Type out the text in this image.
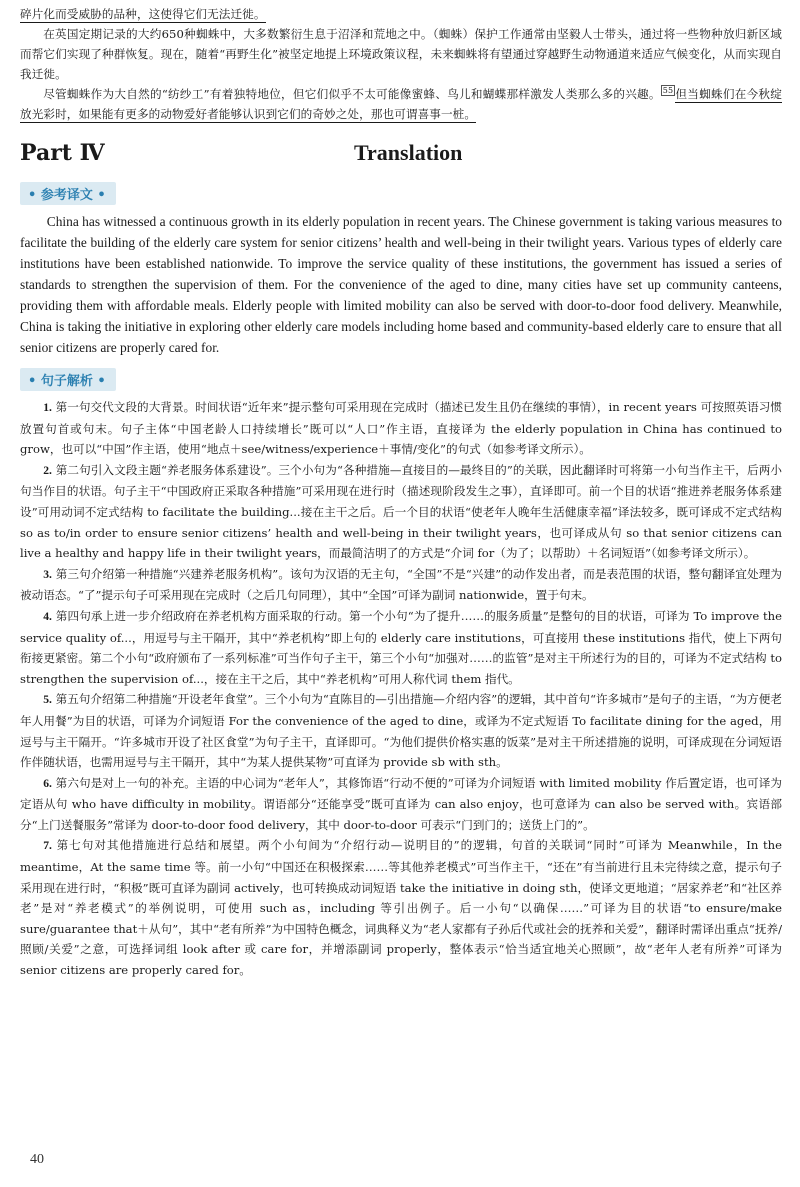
碎片化而受威胁的品种，这使得它们无法迁徙。

在英国定期记录的大约650种蜘蛛中，大多数繁衍生息于沼泽和荒地之中。（蜘蛛）保护工作通常由坚毅人士带头，通过将一些物种放归新区域而帮它们实现了种群恢复。现在，随着“再野生化”被坚定地提上环境政策议程，未来蜘蛛将有望通过穿越野生动物通道来适应气候变化，从而实现自我迁徙。

尽管蜘蛛作为大自然的“纺纱工”有着独特地位，但它们似乎不太可能像蜜蜂、鸟儿和蝴蝶那样激发人类那么多的兴趣。 $^{55}$ 但当蜘蛛们在今秋绽放光彩时，如果能有更多的动物爱好者能够认识到它们的奇妙之处，那也可谓喜事一桩。

Part Ⅳ	Translation
• 参考译文 •

China has witnessed a continuous growth in its elderly population in recent years. The Chinese government is taking various measures to facilitate the building of the elderly care system for senior citizens’ health and well-being in their twilight years. Various types of elderly care institutions have been established nationwide. To improve the service quality of these institutions, the government has issued a series of standards to strengthen the supervision of them. For the convenience of the aged to dine, many cities have set up community canteens, providing them with affordable meals. Elderly people with limited mobility can also be served with door-to-door food delivery. Meanwhile, China is taking the initiative in exploring other elderly care models including home based and community-based elderly care to ensure that all senior citizens are properly cared for.

• 句子解析 •

1. 第一句交代文段的大背景。时间状语“近年来”提示整句可采用现在完成时（描述已发生且仍在继续的事情），in recent years 可按照英语习惯放置句首或句末。句子主体“中国老龄人口持续增长”既可以“人口”作主语，直接译为 the elderly population in China has continued to grow，也可以“中国”作主语，使用“地点＋see/witness/experience＋事情/变化”的句式（如参考译文所示）。

2. 第二句引入文段主题“养老服务体系建设”。三个小句为“各种措施—直接目的—最终目的”的关联，因此翻译时可将第一小句当作主干，后两小句当作目的状语。句子主干“中国政府正采取各种措施”可采用现在进行时（描述现阶段发生之事），直译即可。前一个目的状语“推进养老服务体系建设”可用动词不定式结构 to facilitate the building...接在主干之后。后一个目的状语“使老年人晚年生活健康幸福”译法较多，既可译成不定式结构 so as to/in order to ensure senior citizens’ health and well-being in their twilight years，也可译成从句 so that senior citizens can live a healthy and happy life in their twilight years，而最简洁明了的方式是“介词 for（为了；以帮助）＋名词短语”（如参考译文所示）。

3. 第三句介绍第一种措施“兴建养老服务机构”。该句为汉语的无主句，“全国”不是“兴建”的动作发出者，而是表范围的状语，整句翻译宜处理为被动语态。“了”提示句子可采用现在完成时（之后几句同理），其中“全国”可译为副词 nationwide，置于句末。

4. 第四句承上进一步介绍政府在养老机构方面采取的行动。第一个小句“为了提升……的服务质量”是整句的目的状语，可译为 To improve the service quality of...，用逗号与主干隔开，其中“养老机构”即上句的 elderly care institutions，可直接用 these institutions 指代，使上下两句衔接更紧密。第二个小句“政府颁布了一系列标准”可当作句子主干，第三个小句“加强对……的监管”是对主干所述行为的目的，可译为不定式结构 to strengthen the supervision of...，接在主干之后，其中“养老机构”可用人称代词 them 指代。

5. 第五句介绍第二种措施“开设老年食堂”。三个小句为“直陈目的—引出措施—介绍内容”的逻辑，其中首句“许多城市”是句子的主语，“为方便老年人用餐”为目的状语，可译为介词短语 For the convenience of the aged to dine，或译为不定式短语 To facilitate dining for the aged，用逗号与主干隔开。“许多城市开设了社区食堂”为句子主干，直译即可。“为他们提供价格实惠的饭菜”是对主干所述措施的说明，可译成现在分词短语作伴随状语，也需用逗号与主干隔开，其中“为某人提供某物”可直译为 provide sb with sth。

6. 第六句是对上一句的补充。主语的中心词为“老年人”，其修饰语“行动不便的”可译为介词短语 with limited mobility 作后置定语，也可译为定语从句 who have difficulty in mobility。谓语部分“还能享受”既可直译为 can also enjoy，也可意译为 can also be served with。宾语部分“上门送餐服务”常译为 door-to-door food delivery，其中 door-to-door 可表示“门到门的；送货上门的”。

7. 第七句对其他措施进行总结和展望。两个小句间为“介绍行动—说明目的”的逻辑，句首的关联词“同时”可译为 Meanwhile，In the meantime，At the same time 等。前一小句“中国还在积极探索……等其他养老模式”可当作主干，“还在”有当前进行且未完待续之意，提示句子采用现在进行时，“积极”既可直译为副词 actively，也可转换成动词短语 take the initiative in doing sth，使译文更地道；“居家养老”和“社区养老”是对“养老模式”的举例说明，可使用 such as，including 等引出例子。后一小句“以确保……”可译为目的状语“to ensure/make sure/guarantee that＋从句”，其中“老有所养”为中国特色概念，词典释义为“老人家都有子孙后代或社会的抚养和关爱”，翻译时需译出重点“抚养/照顾/关爱”之意，可选择词组 look after 或 care for，并增添副词 properly，整体表示“恰当适宜地关心照顾”，故“老年人老有所养”可译为 senior citizens are properly cared for。

40
